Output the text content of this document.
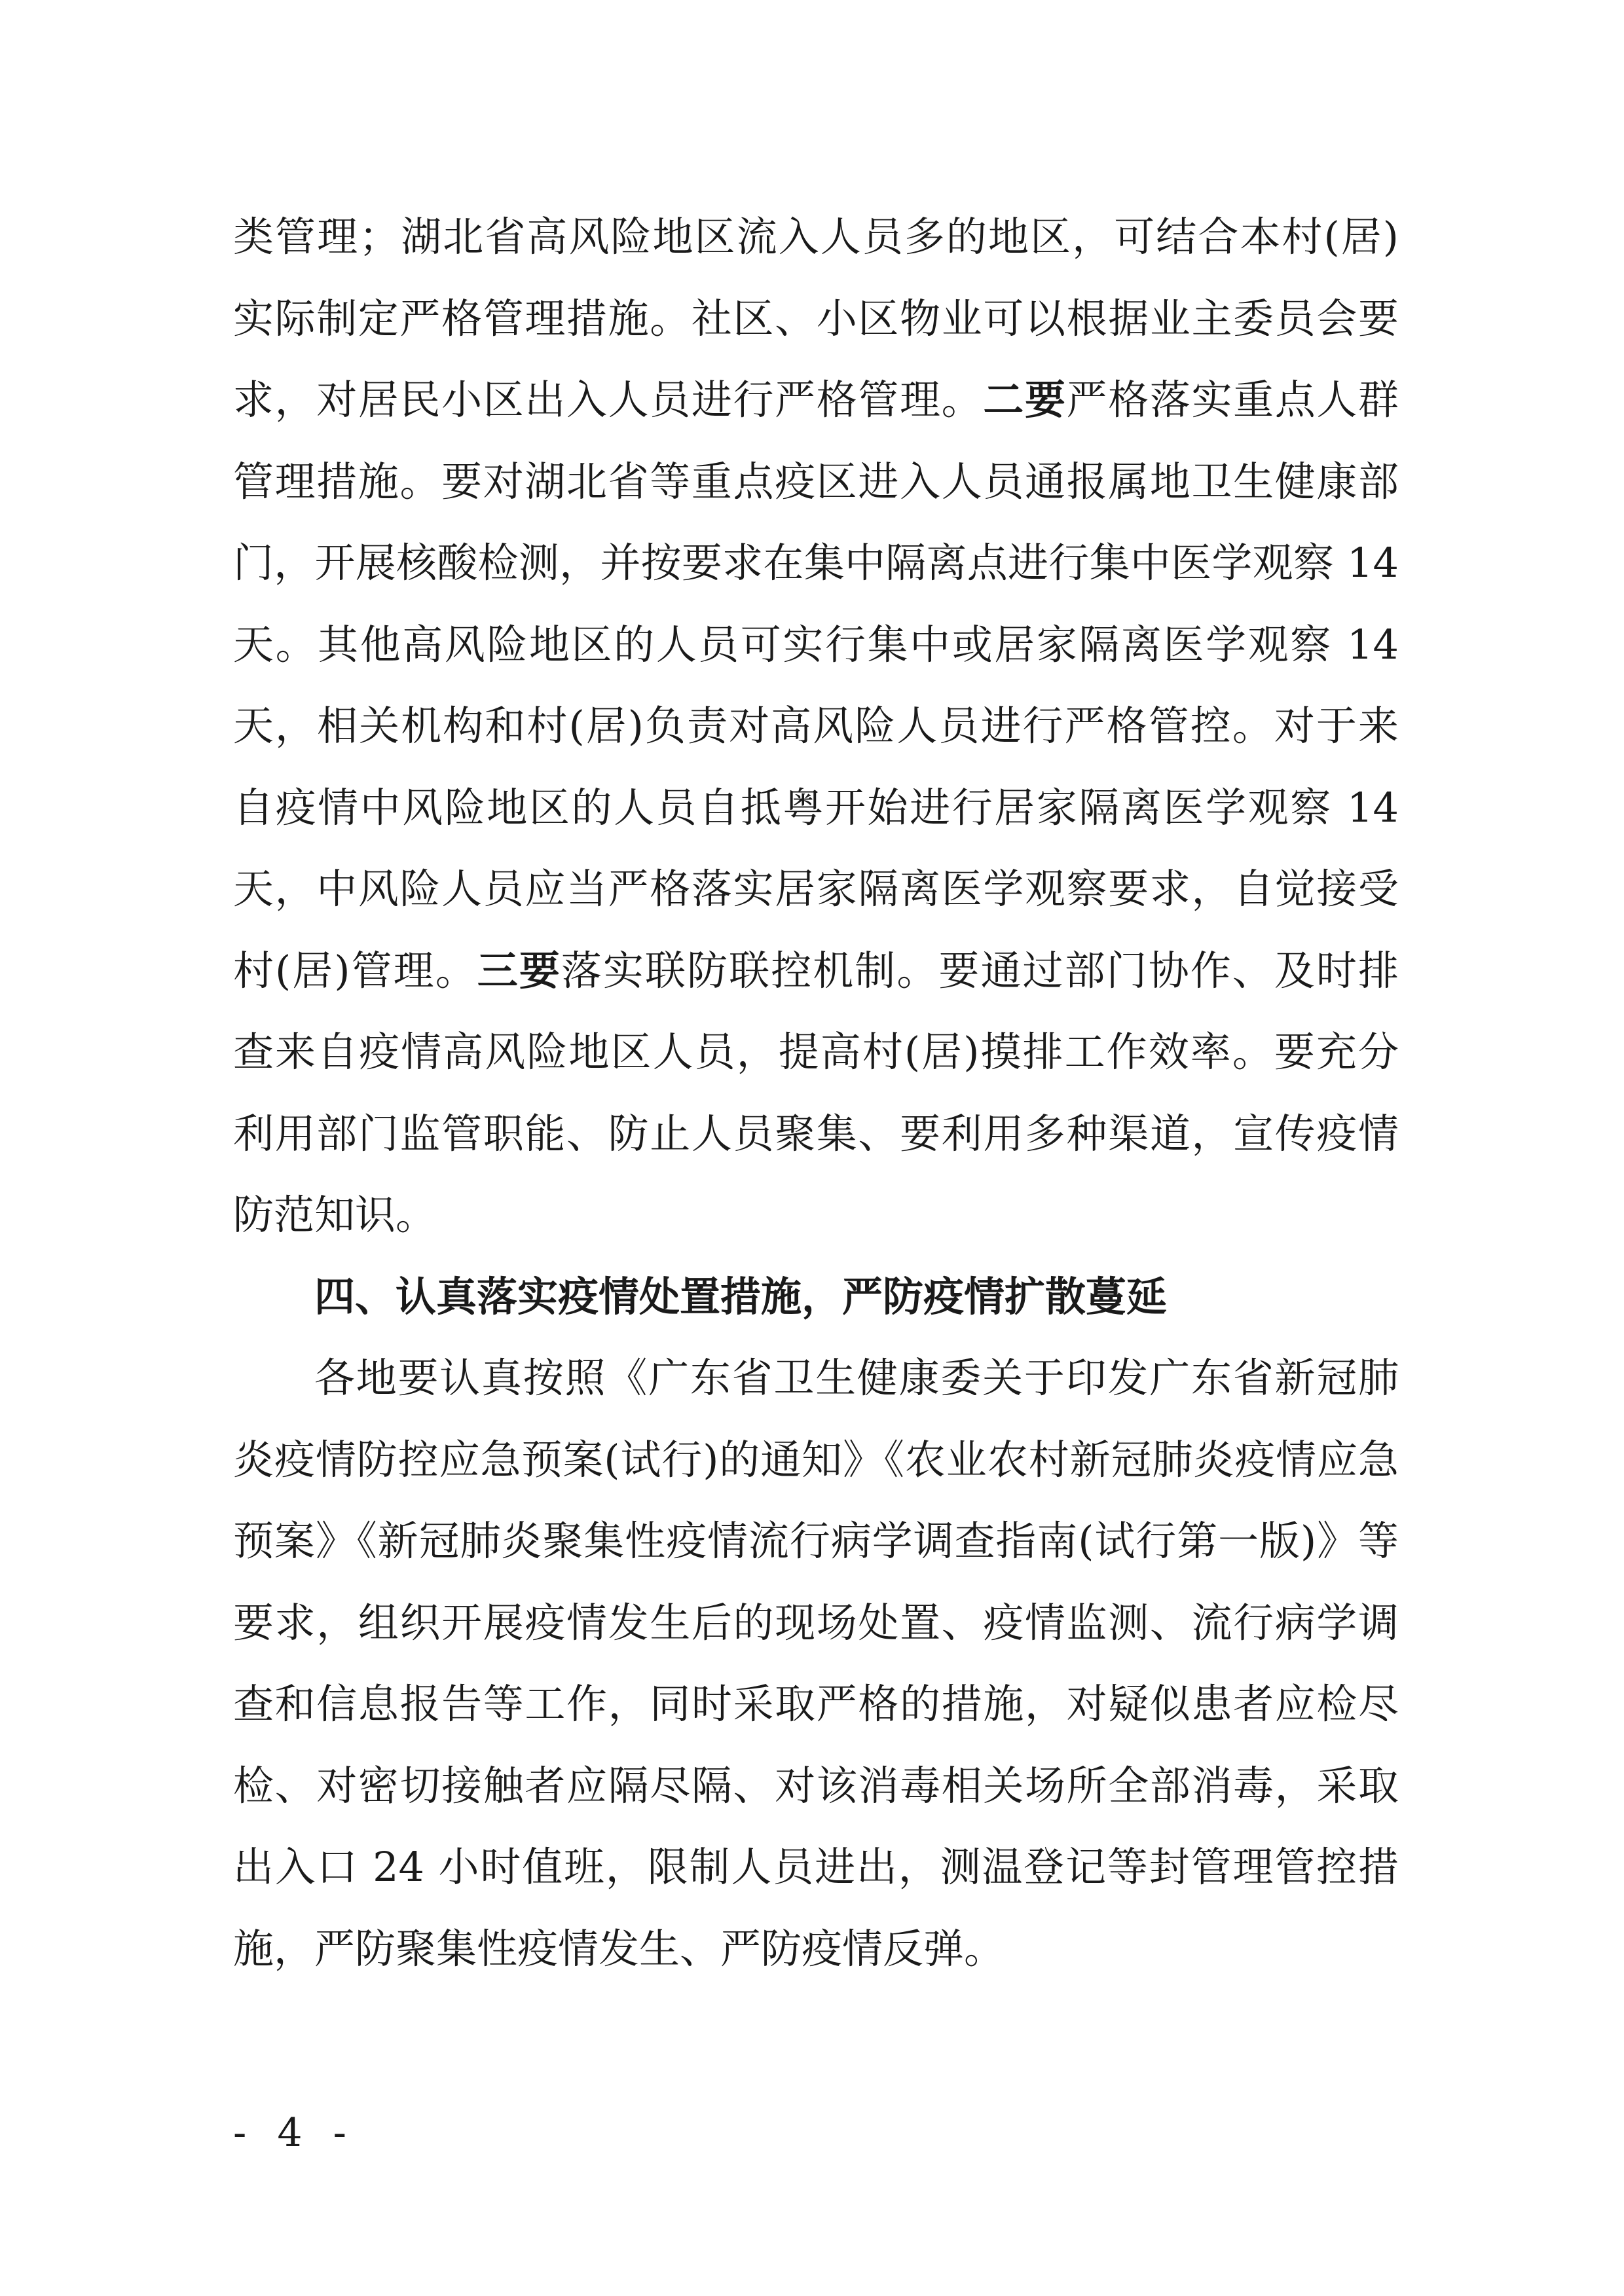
类管理；湖北省高风险地区流入人员多的地区，可结合本村(居)实际制定严格管理措施。社区、小区物业可以根据业主委员会要求，对居民小区出入人员进行严格管理。二要严格落实重点人群管理措施。要对湖北省等重点疫区进入人员通报属地卫生健康部门，开展核酸检测，并按要求在集中隔离点进行集中医学观察 14 天。其他高风险地区的人员可实行集中或居家隔离医学观察 14 天，相关机构和村(居)负责对高风险人员进行严格管控。对于来自疫情中风险地区的人员自抵粤开始进行居家隔离医学观察 14 天，中风险人员应当严格落实居家隔离医学观察要求，自觉接受村(居)管理。三要落实联防联控机制。要通过部门协作、及时排查来自疫情高风险地区人员，提高村(居)摸排工作效率。要充分利用部门监管职能、防止人员聚集、要利用多种渠道，宣传疫情防范知识。

四、认真落实疫情处置措施，严防疫情扩散蔓延

各地要认真按照《广东省卫生健康委关于印发广东省新冠肺炎疫情防控应急预案(试行)的通知》《农业农村新冠肺炎疫情应急预案》《新冠肺炎聚集性疫情流行病学调查指南(试行第一版)》等要求，组织开展疫情发生后的现场处置、疫情监测、流行病学调查和信息报告等工作，同时采取严格的措施，对疑似患者应检尽检、对密切接触者应隔尽隔、对该消毒相关场所全部消毒，采取出入口 24 小时值班，限制人员进出，测温登记等封管理管控措施，严防聚集性疫情发生、严防疫情反弹。

- 4 -
